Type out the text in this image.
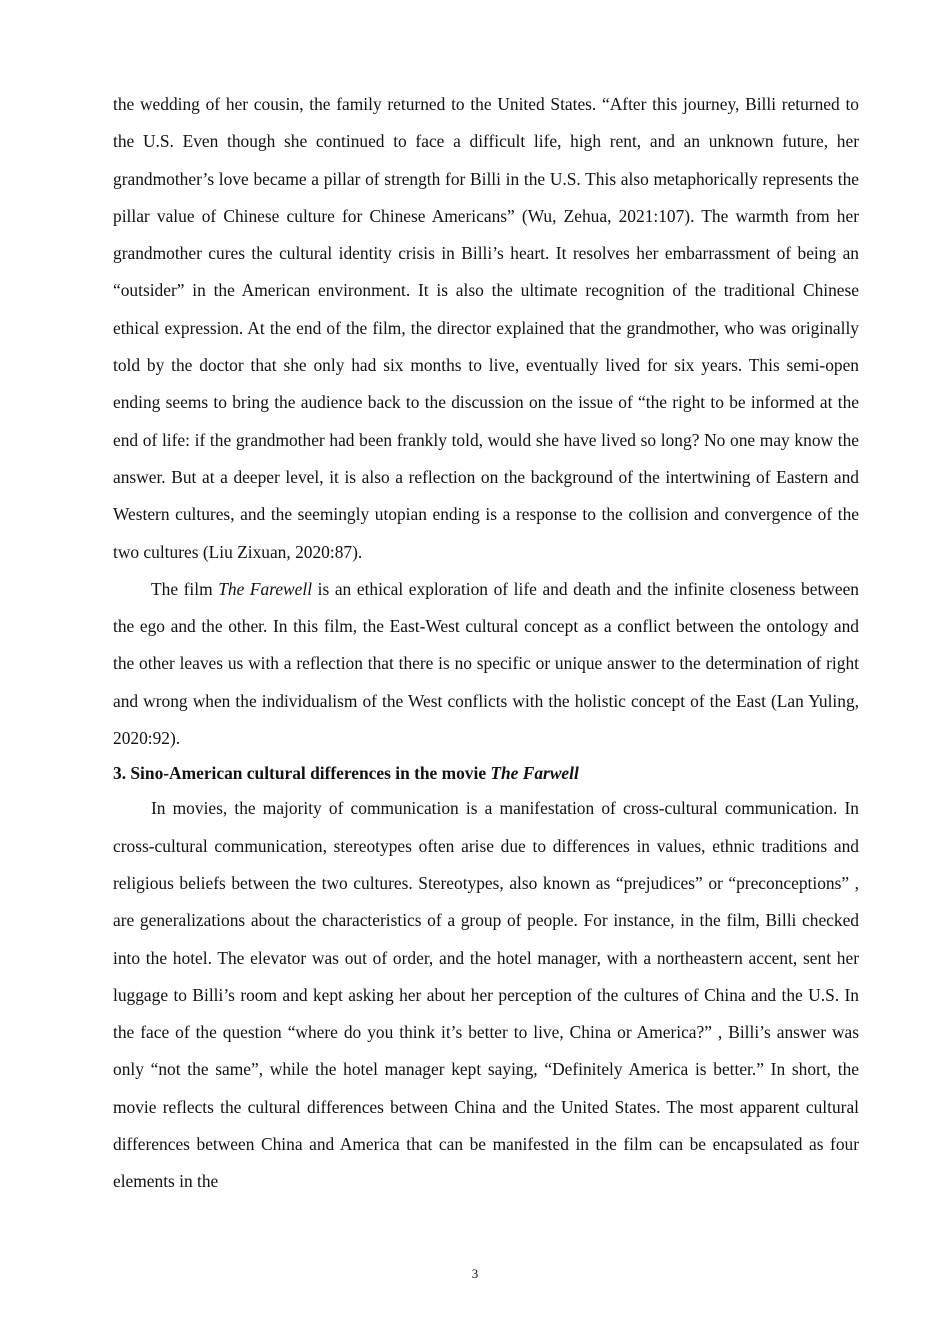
the wedding of her cousin, the family returned to the United States. “After this journey, Billi returned to the U.S. Even though she continued to face a difficult life, high rent, and an unknown future, her grandmother’s love became a pillar of strength for Billi in the U.S. This also metaphorically represents the pillar value of Chinese culture for Chinese Americans” (Wu, Zehua, 2021:107). The warmth from her grandmother cures the cultural identity crisis in Billi’s heart. It resolves her embarrassment of being an “outsider” in the American environment. It is also the ultimate recognition of the traditional Chinese ethical expression. At the end of the film, the director explained that the grandmother, who was originally told by the doctor that she only had six months to live, eventually lived for six years. This semi-open ending seems to bring the audience back to the discussion on the issue of “the right to be informed at the end of life: if the grandmother had been frankly told, would she have lived so long? No one may know the answer. But at a deeper level, it is also a reflection on the background of the intertwining of Eastern and Western cultures, and the seemingly utopian ending is a response to the collision and convergence of the two cultures (Liu Zixuan, 2020:87).

The film The Farewell is an ethical exploration of life and death and the infinite closeness between the ego and the other. In this film, the East-West cultural concept as a conflict between the ontology and the other leaves us with a reflection that there is no specific or unique answer to the determination of right and wrong when the individualism of the West conflicts with the holistic concept of the East (Lan Yuling, 2020:92).

3. Sino-American cultural differences in the movie The Farwell

In movies, the majority of communication is a manifestation of cross-cultural communication. In cross-cultural communication, stereotypes often arise due to differences in values, ethnic traditions and religious beliefs between the two cultures. Stereotypes, also known as “prejudices” or “preconceptions” , are generalizations about the characteristics of a group of people. For instance, in the film, Billi checked into the hotel. The elevator was out of order, and the hotel manager, with a northeastern accent, sent her luggage to Billi’s room and kept asking her about her perception of the cultures of China and the U.S. In the face of the question “where do you think it’s better to live, China or America?” , Billi’s answer was only “not the same”, while the hotel manager kept saying, “Definitely America is better.” In short, the movie reflects the cultural differences between China and the United States. The most apparent cultural differences between China and America that can be manifested in the film can be encapsulated as four elements in the

3
